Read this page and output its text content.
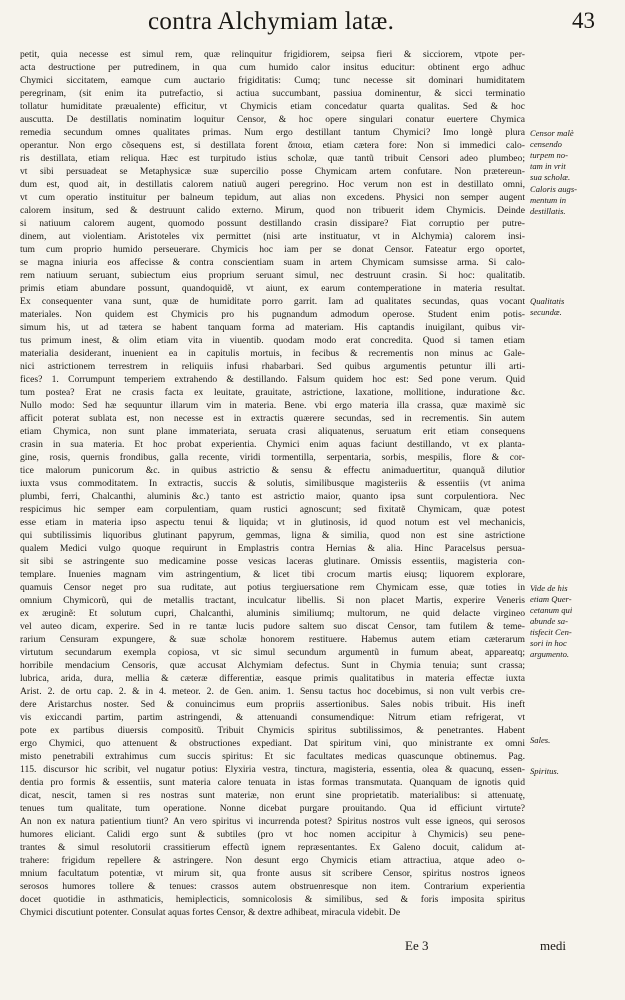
contra Alchymiam latæ.	43
petit, quia necesse est simul rem, quæ relinquitur frigidiorem, seipsa fieri & sicciorem, vtpote per-
acta destructione per putredinem, in qua cum humido calor insitus educitur: obtinent ergo adhuc
Chymici siccitatem, eamque cum auctario frigiditatis: Cumq; tunc necesse sit dominari humiditatem
peregrinam, (sit enim ita putrefactio, si actiua succumbant, passiua dominentur, & sicci terminatio
tollatur humiditate præualente) efficitur, vt Chymicis etiam concedatur quarta qualitas. Sed & hoc
auscutta. De destillatis nominatim loquitur Censor, & hoc opere singulari conatur euertere Chymica
remedia secundum omnes qualitates primas. Num ergo destillant tantum Chymici? Imo longè plura
operantur. Non ergo cõsequens est, si destillata forent ἄποια, etiam cætera fore: Non si immedici calo-
ris destillata, etiam reliqua. Hæc est turpitudo istius scholæ, quæ tantũ tribuit Censori adeo plumbeo;
vt sibi persuadeat se Metaphysicæ suæ supercilio posse Chymicam artem confutare. Non prætereun-
dum est, quod ait, in destillatis calorem natiuũ augeri peregrino. Hoc verum non est in destillato omni,
vt cum operatio instituitur per balneum tepidum, aut alias non excedens. Physici non semper augent
calorem insitum, sed & destruunt calido externo. Mirum, quod non tribuerit idem Chymicis. Deinde
si natiuum calorem augent, quomodo possunt destillando crasin dissipare? Fiat corruptio per putre-
dinem, aut violentiam. Aristoteles vix permittet (nisi arte instituatur, vt in Alchymia) calorem insi-
tum cum proprio humido perseuerare. Chymicis hoc iam per se donat Censor. Fateatur ergo oportet,
se magna iniuria eos affecisse & contra conscientiam suam in artem Chymicam sumsisse arma. Si calo-
rem natiuum seruant, subiectum eius proprium seruant simul, nec destruunt crasin. Si hoc: qualitatib.
primis etiam abundare possunt, quandoquidẽ, vt aiunt, ex earum contemperatione in materia resultat.
Ex consequenter vana sunt, quæ de humiditate porro garrit. Iam ad qualitates secundas, quas vocant
materiales. Non quidem est Chymicis pro his pugnandum admodum operose. Student enim potis-
simum his, ut ad tætera se habent tanquam forma ad materiam. His captandis inuigilant, quibus vir-
tus primum inest, & olim etiam vita in viuentib. quodam modo erat concredita. Quod si tamen etiam
materialia desiderant, inuenient ea in capitulis mortuis, in fecibus & recrementis non minus ac Gale-
nici astrictionem terrestrem in reliquiis infusi rhabarbari. Sed quibus argumentis petuntur illi arti-
fices? 1. Corrumpunt temperiem extrahendo & destillando. Falsum quidem hoc est: Sed pone verum. Quid
tum postea? Erat ne crasis facta ex leuitate, grauitate, astrictione, laxatione, mollitione, induratione &c.
Nullo modo: Sed hæ sequuntur illarum vim in materia. Bene. vbi ergo materia illa crassa, quæ maximè sic
afficit poterat sublata est, non necesse est in extractis quærere secundas, sed in recrementis. Sin autem
etiam Chymica, non sunt plane immateriata, seruata crasi aliquatenus, seruatum erit etiam consequens
crasin in sua materia. Et hoc probat experientia. Chymici enim aquas faciunt destillando, vt ex planta-
gine, rosis, quernis frondibus, galla recente, viridi tormentilla, serpentaria, sorbis, mespilis, flore & cor-
tice malorum punicorum &c. in quibus astrictio & sensu & effectu animaduertitur, quanquã dilutior
iuxta vsus commoditatem. In extractis, succis & solutis, similibusque magisteriis & essentiis (vt anima
plumbi, ferri, Chalcanthi, aluminis &c.) tanto est astrictio maior, quanto ipsa sunt corpulentiora. Nec
respicimus hic semper eam corpulentiam, quam rustici agnoscunt; sed fixitatẽ Chymicam, quæ potest
esse etiam in materia ipso aspectu tenui & liquida; vt in glutinosis, id quod notum est vel mechanicis,
qui subtilissimis liquoribus glutinant papyrum, gemmas, ligna & similia, quod non est sine astrictione
qualem Medici vulgo quoque requirunt in Emplastris contra Hernias & alia. Hinc Paracelsus persua-
sit sibi se astringente suo medicamine posse vesicas laceras glutinare. Omissis essentiis, magisteria con-
templare. Inuenies magnam vim astringentium, & licet tibi crocum martis eiusq; liquorem explorare,
quamuis Censor neget pro sua ruditate, aut potius tergiuersatione rem Chymicam esse, quæ toties in
omnium Chymicorũ, qui de metallis tractant, inculcatur libellis. Si non placet Martis, experire Veneris
ex æruginẽ: Et solutum cupri, Chalcanthi, aluminis similiumq; multorum, ne quid delacte virgineo
vel auteo dicam, experire. Sed in re tantæ lucis pudore saltem suo discat Censor, tam futilem & teme-
rarium Censuram expungere, & suæ scholæ honorem restituere. Habemus autem etiam cæterarum
virtutum secundarum exempla copiosa, vt sic simul secundum argumentũ in fumum abeat, appareatq;
horribile mendacium Censoris, quæ accusat Alchymiam defectus. Sunt in Chymia tenuia; sunt crassa;
lubrica, arida, dura, mellia & cæteræ differentiæ, easque primis qualitatibus in materia effectæ iuxta
Arist. 2. de ortu cap. 2. & in 4. meteor. 2. de Gen. anim. 1. Sensu tactus hoc docebimus, si non vult verbis cre-
dere Aristarchus noster. Sed & conuincimus eum propriis assertionibus. Sales nobis tribuit. His ineft
vis exiccandi partim, partim astringendi, & attenuandi consumendique: Nitrum etiam refrigerat, vt
pote ex partibus diuersis compositũ. Tribuit Chymicis spiritus subtilissimos, & penetrantes. Habent
ergo Chymici, quo attenuent & obstructiones expediant. Dat spiritum vini, quo ministrante ex omni
misto penetrabili extrahimus cum succis spiritus: Et sic facultates medicas quascunque obtinemus. Pag.
115. discursor hic scribit, vel nugatur potius: Elyxiria vestra, tinctura, magisteria, essentia, olea & quacunq, essen-
dentia pro formis & essentiis, sunt materia calore tenuata in istas formas transmutata. Quanquam de ignotis quid
dicat, nescit, tamen si res nostras sunt materiæ, non erunt sine proprietatib. materialibus: si attenuatę,
tenues tum qualitate, tum operatione. Nonne dicebat purgare prouitando. Qua id efficiunt virtute?
An non ex natura patientium tiunt? An vero spiritus vi incurrenda potest? Spiritus nostros vult esse igneos, qui serosos
humores eliciant. Calidi ergo sunt & subtiles (pro vt hoc nomen accipitur à Chymicis) seu pene-
trantes & simul resolutorii crassitierum effectũ ignem repræsentantes. Ex Galeno docuit, calidum at-
trahere: frigidum repellere & astringere. Non desunt ergo Chymicis etiam attractiua, atque adeo o-
mnium facultatum potentiæ, vt mirum sit, qua fronte ausus sit scribere Censor, spiritus nostros igneos
serosos humores tollere & tenues: crassos autem obstruenresque non item. Contrarium experientia
docet quotidie in asthmaticis, hemiplecticis, somnicolosis & similibus, sed & foris imposita spiritus
Chymici discutiunt potenter. Consulat aquas fortes Censor, & dextre adhibeat, miracula videbit. De
Censor malè
censendo
turpem no-
tam in vrit
sua scholæ.
Caloris augs-
mentum in
destillatis.
Qualitatis
secundæ.
Vide de his
etiam Quer-
cetanum qui
abunde sa-
tisfecit Cen-
sori in hoc
argumento.
Sales.
Spiritus.
Ee 3	medi
